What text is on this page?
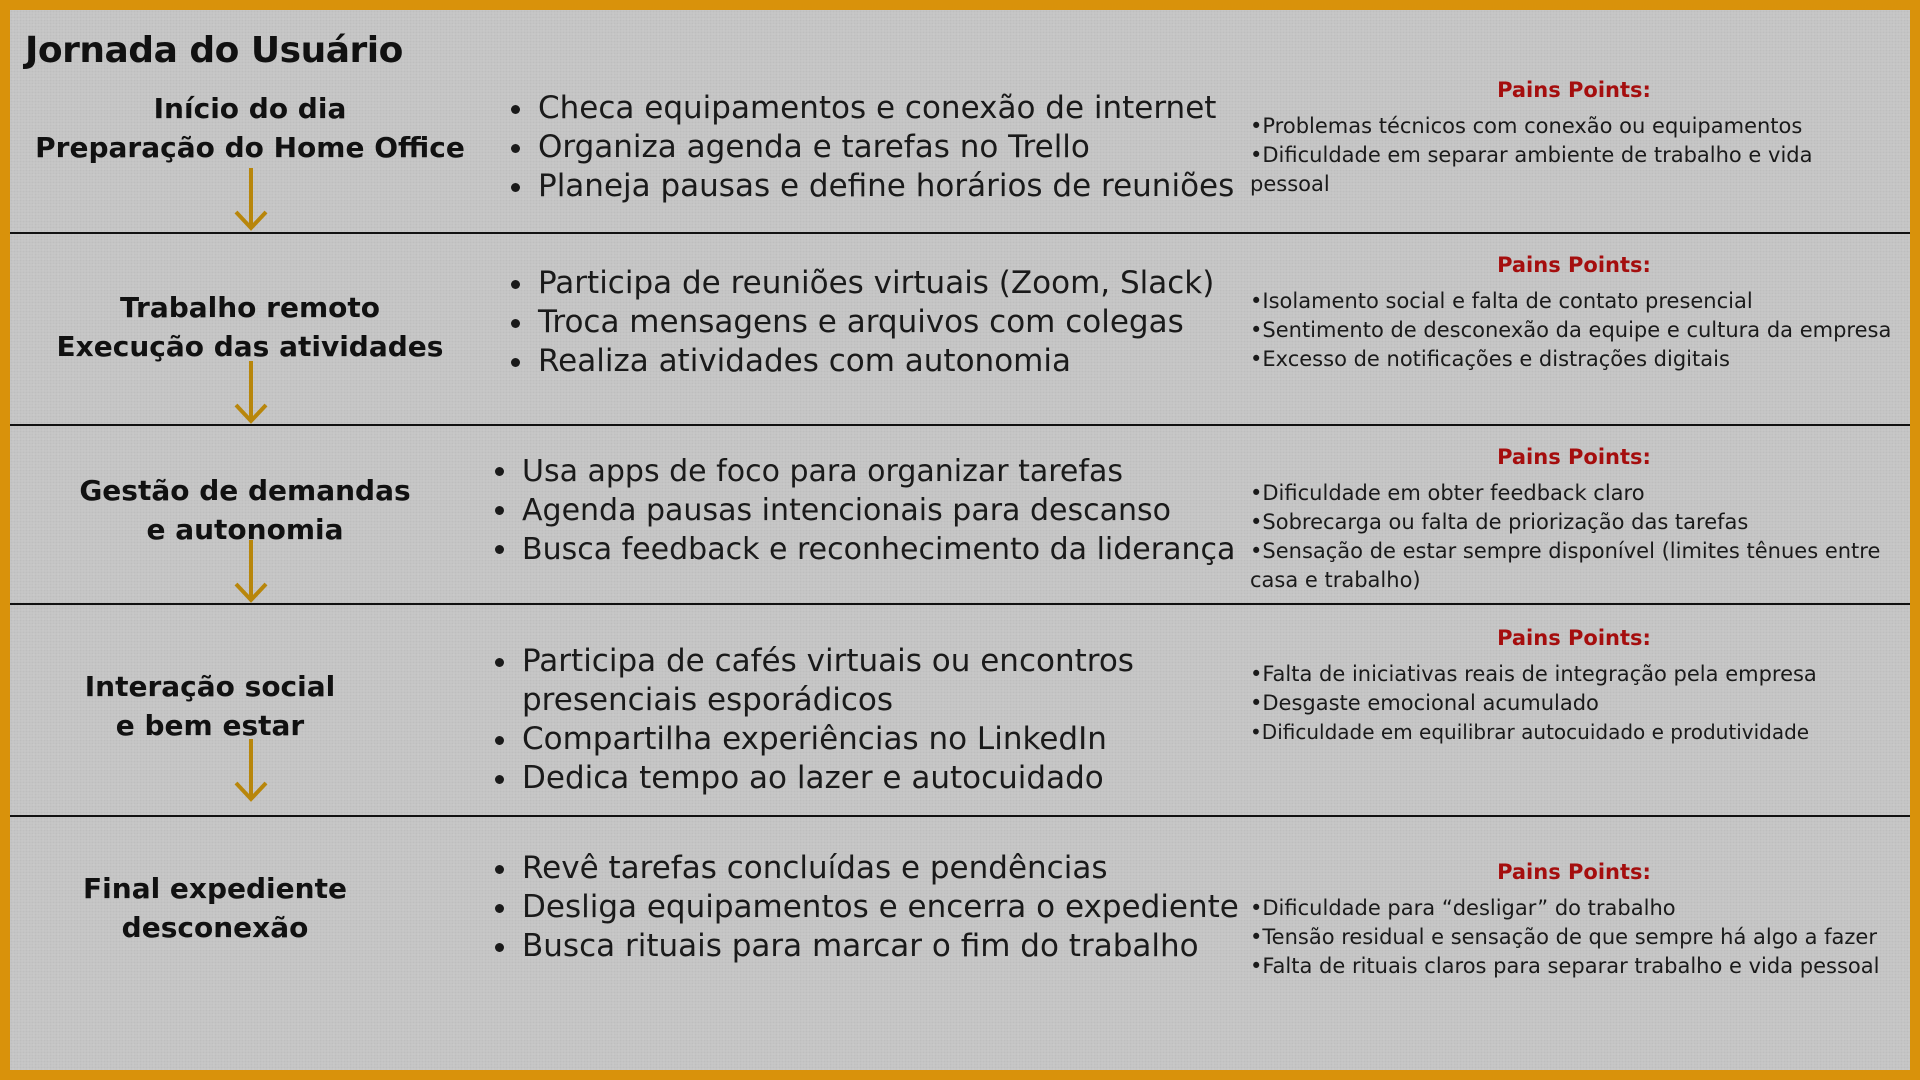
Jornada do Usuário
Início do dia
Preparação do Home Office
• Checa equipamentos e conexão de internet
• Organiza agenda e tarefas no Trello
• Planeja pausas e define horários de reuniões
Pains Points:
• Problemas técnicos com conexão ou equipamentos
• Dificuldade em separar ambiente de trabalho e vida pessoal
Trabalho remoto
Execução das atividades
• Participa de reuniões virtuais (Zoom, Slack)
• Troca mensagens e arquivos com colegas
• Realiza atividades com autonomia
Pains Points:
• Isolamento social e falta de contato presencial
• Sentimento de desconexão da equipe e cultura da empresa
• Excesso de notificações e distrações digitais
Gestão de demandas
e autonomia
• Usa apps de foco para organizar tarefas
• Agenda pausas intencionais para descanso
• Busca feedback e reconhecimento da liderança
Pains Points:
• Dificuldade em obter feedback claro
• Sobrecarga ou falta de priorização das tarefas
• Sensação de estar sempre disponível (limites tênues entre casa e trabalho)
Interação social
e bem estar
• Participa de cafés virtuais ou encontros presenciais esporádicos
• Compartilha experiências no LinkedIn
• Dedica tempo ao lazer e autocuidado
Pains Points:
• Falta de iniciativas reais de integração pela empresa
• Desgaste emocional acumulado
• Dificuldade em equilibrar autocuidado e produtividade
Final expediente
desconexão
• Revê tarefas concluídas e pendências
• Desliga equipamentos e encerra o expediente
• Busca rituais para marcar o fim do trabalho
Pains Points:
• Dificuldade para “desligar” do trabalho
• Tensão residual e sensação de que sempre há algo a fazer
• Falta de rituais claros para separar trabalho e vida pessoal
